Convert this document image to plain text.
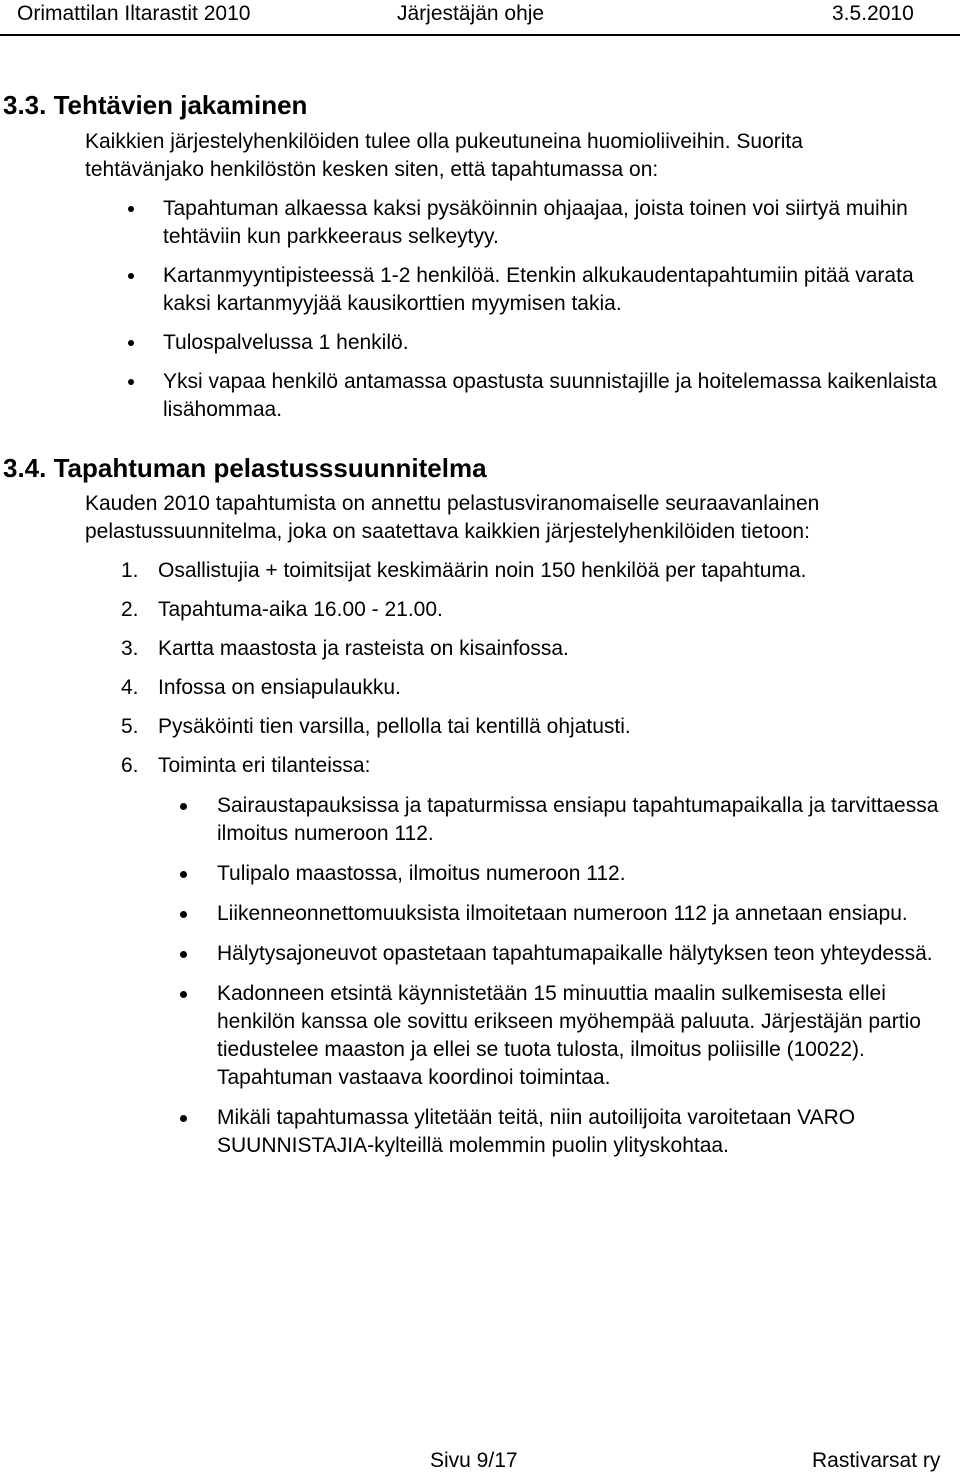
Orimattilan Iltarastit 2010	Järjestäjän ohje	3.5.2010
3.3. Tehtävien jakaminen
Kaikkien järjestelyhenkilöiden tulee olla pukeutuneina huomioliiveihin. Suorita
tehtävänjako henkilöstön kesken siten, että tapahtumassa on:
Tapahtuman alkaessa kaksi pysäköinnin ohjaajaa, joista toinen voi siirtyä muihin tehtäviin kun parkkeeraus selkeytyy.
Kartanmyyntipisteessä 1-2 henkilöä. Etenkin alkukaudentapahtumiin pitää varata kaksi kartanmyyjää kausikorttien myymisen takia.
Tulospalvelussa 1 henkilö.
Yksi vapaa henkilö antamassa opastusta suunnistajille ja hoitelemassa kaikenlaista lisähommaa.
3.4. Tapahtuman pelastusssuunnitelma
Kauden 2010 tapahtumista on annettu pelastusviranomaiselle seuraavanlainen
pelastussuunnitelma, joka on saatettava kaikkien järjestelyhenkilöiden tietoon:
1. Osallistujia + toimitsijat keskimäärin noin 150 henkilöä per tapahtuma.
2. Tapahtuma-aika 16.00 - 21.00.
3. Kartta maastosta ja rasteista on kisainfossa.
4. Infossa on ensiapulaukku.
5. Pysäköinti tien varsilla, pellolla tai kentillä ohjatusti.
6. Toiminta eri tilanteissa:
Sairaustapauksissa ja tapaturmissa ensiapu tapahtumapaikalla ja tarvittaessa ilmoitus numeroon 112.
Tulipalo maastossa, ilmoitus numeroon 112.
Liikenneonnettomuuksista ilmoitetaan numeroon 112 ja annetaan ensiapu.
Hälytysajoneuvot opastetaan tapahtumapaikalle hälytyksen teon yhteydessä.
Kadonneen etsintä käynnistetään 15 minuuttia maalin sulkemisesta ellei henkilön kanssa ole sovittu erikseen myöhempää paluuta. Järjestäjän partio tiedustelee maaston ja ellei se tuota tulosta, ilmoitus poliisille (10022). Tapahtuman vastaava koordinoi toimintaa.
Mikäli tapahtumassa ylitetään teitä, niin autoilijoita varoitetaan VARO SUUNNISTAJIA-kylteillä molemmin puolin ylityskohtaa.
Sivu 9/17	Rastivarsat ry
